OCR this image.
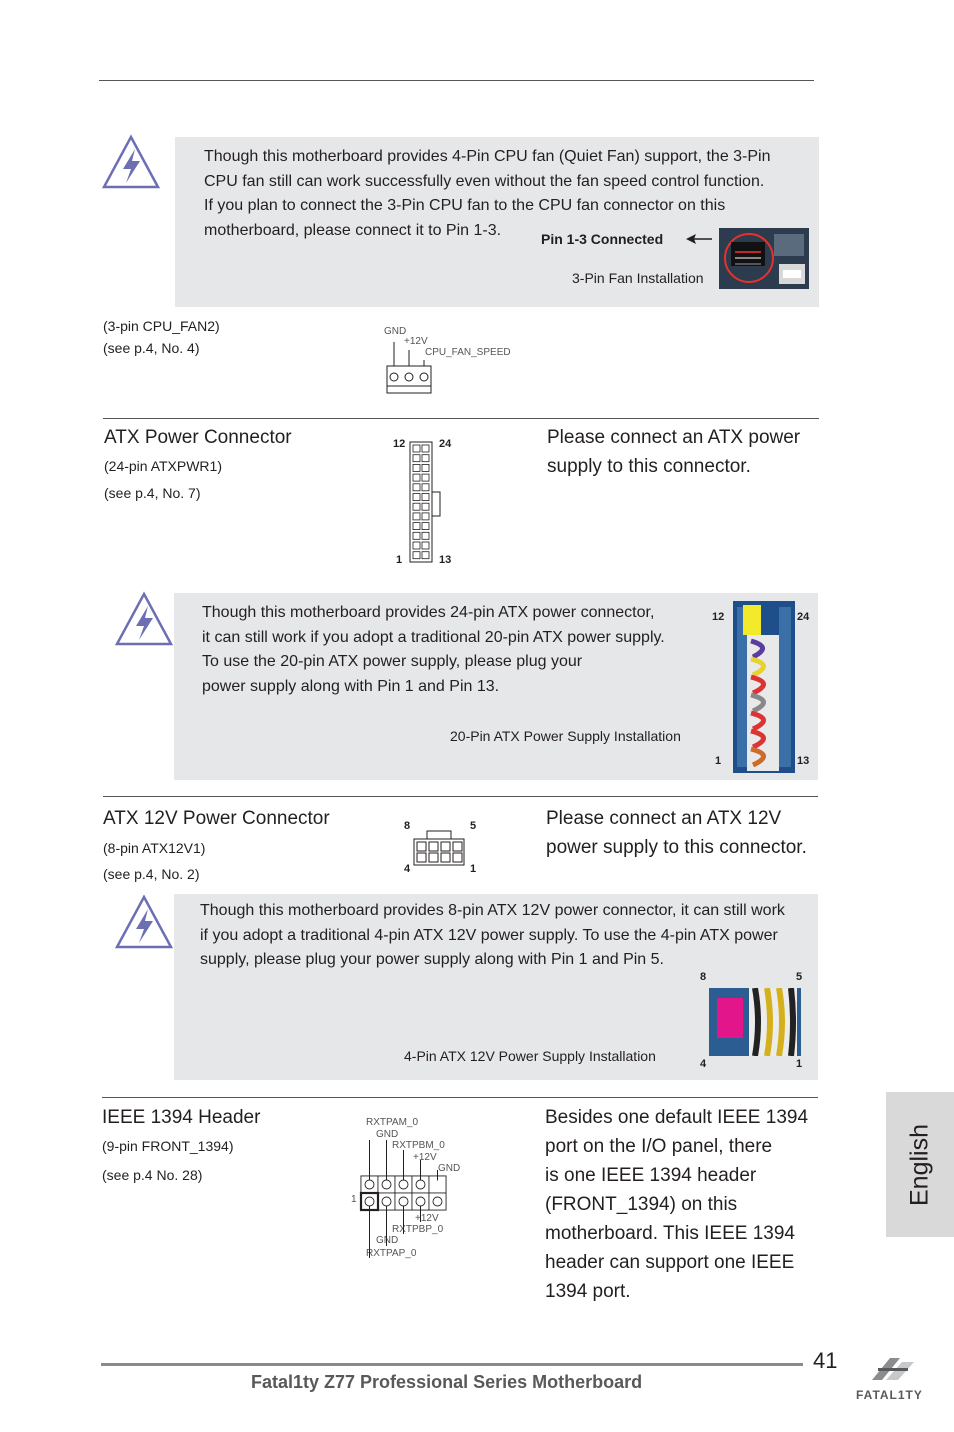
Though this motherboard provides 4-Pin CPU fan (Quiet Fan) support, the 3-Pin
CPU fan still can work successfully even without the fan speed control function.
If you plan to connect the 3-Pin CPU fan to the CPU fan connector on this
motherboard, please connect it to Pin 1-3.
Pin 1-3 Connected
3-Pin Fan Installation
(3-pin CPU_FAN2)
(see p.4, No. 4)
GND
+12V
CPU_FAN_SPEED
ATX Power Connector
(24-pin ATXPWR1)
(see p.4, No. 7)
12	24
1	13
Please connect an ATX power
supply to this connector.
Though this motherboard provides 24-pin ATX power connector,
it can still work if you adopt a traditional 20-pin ATX power supply.
To use the 20-pin ATX power supply, please plug your
power supply along with Pin 1 and Pin 13.
20-Pin ATX Power Supply Installation
12	24
1	13
ATX 12V Power Connector
(8-pin ATX12V1)
(see p.4, No. 2)
8	5
4	1
Please connect an ATX 12V
power supply to this connector.
Though this motherboard provides 8-pin ATX 12V power connector, it can still work
if you adopt a traditional 4-pin ATX 12V power supply. To use the 4-pin ATX power
supply, please plug your power supply along with Pin 1 and Pin 5.
4-Pin ATX 12V Power Supply Installation
8	5
4	1
IEEE 1394 Header
(9-pin FRONT_1394)
(see p.4 No. 28)
RXTPAM_0
GND
RXTPBM_0
+12V
GND
1
+12V
RXTPBP_0
GND
RXTPAP_0
Besides one default IEEE 1394
port on the I/O panel, there
is one IEEE 1394 header
(FRONT_1394) on this
motherboard. This IEEE 1394
header can support one IEEE
1394 port.
English
41
Fatal1ty Z77 Professional Series Motherboard
FATAL1TY
